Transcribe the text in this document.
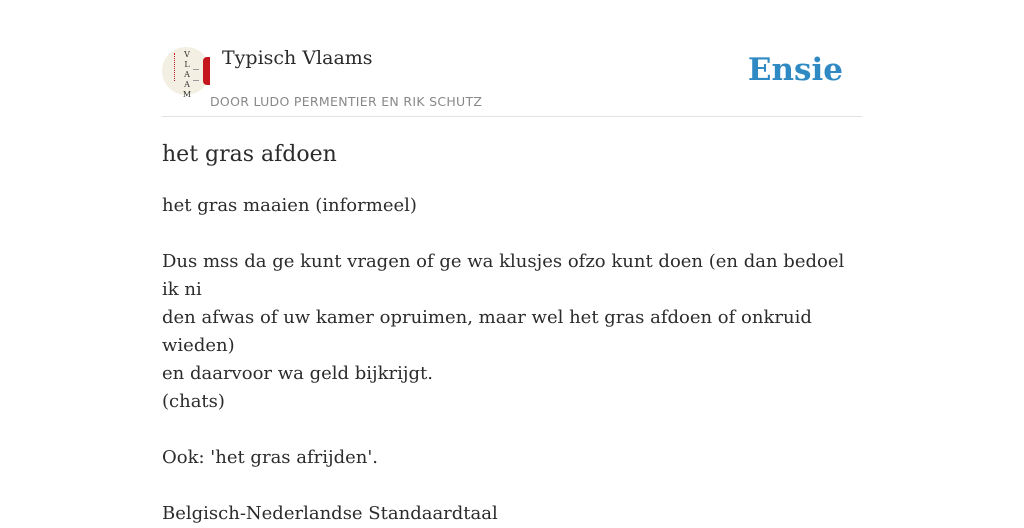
V
L
A
A
M
Typisch Vlaams
DOOR LUDO PERMENTIER EN RIK SCHUTZ
Ensie
het gras afdoen

het gras maaien (informeel)

Dus mss da ge kunt vragen of ge wa klusjes ofzo kunt doen (en dan bedoel ik ni

den afwas of uw kamer opruimen, maar wel het gras afdoen of onkruid wieden)

en daarvoor wa geld bijkrijgt.

(chats)

Ook: 'het gras afrijden'.

Belgisch-Nederlandse Standaardtaal
